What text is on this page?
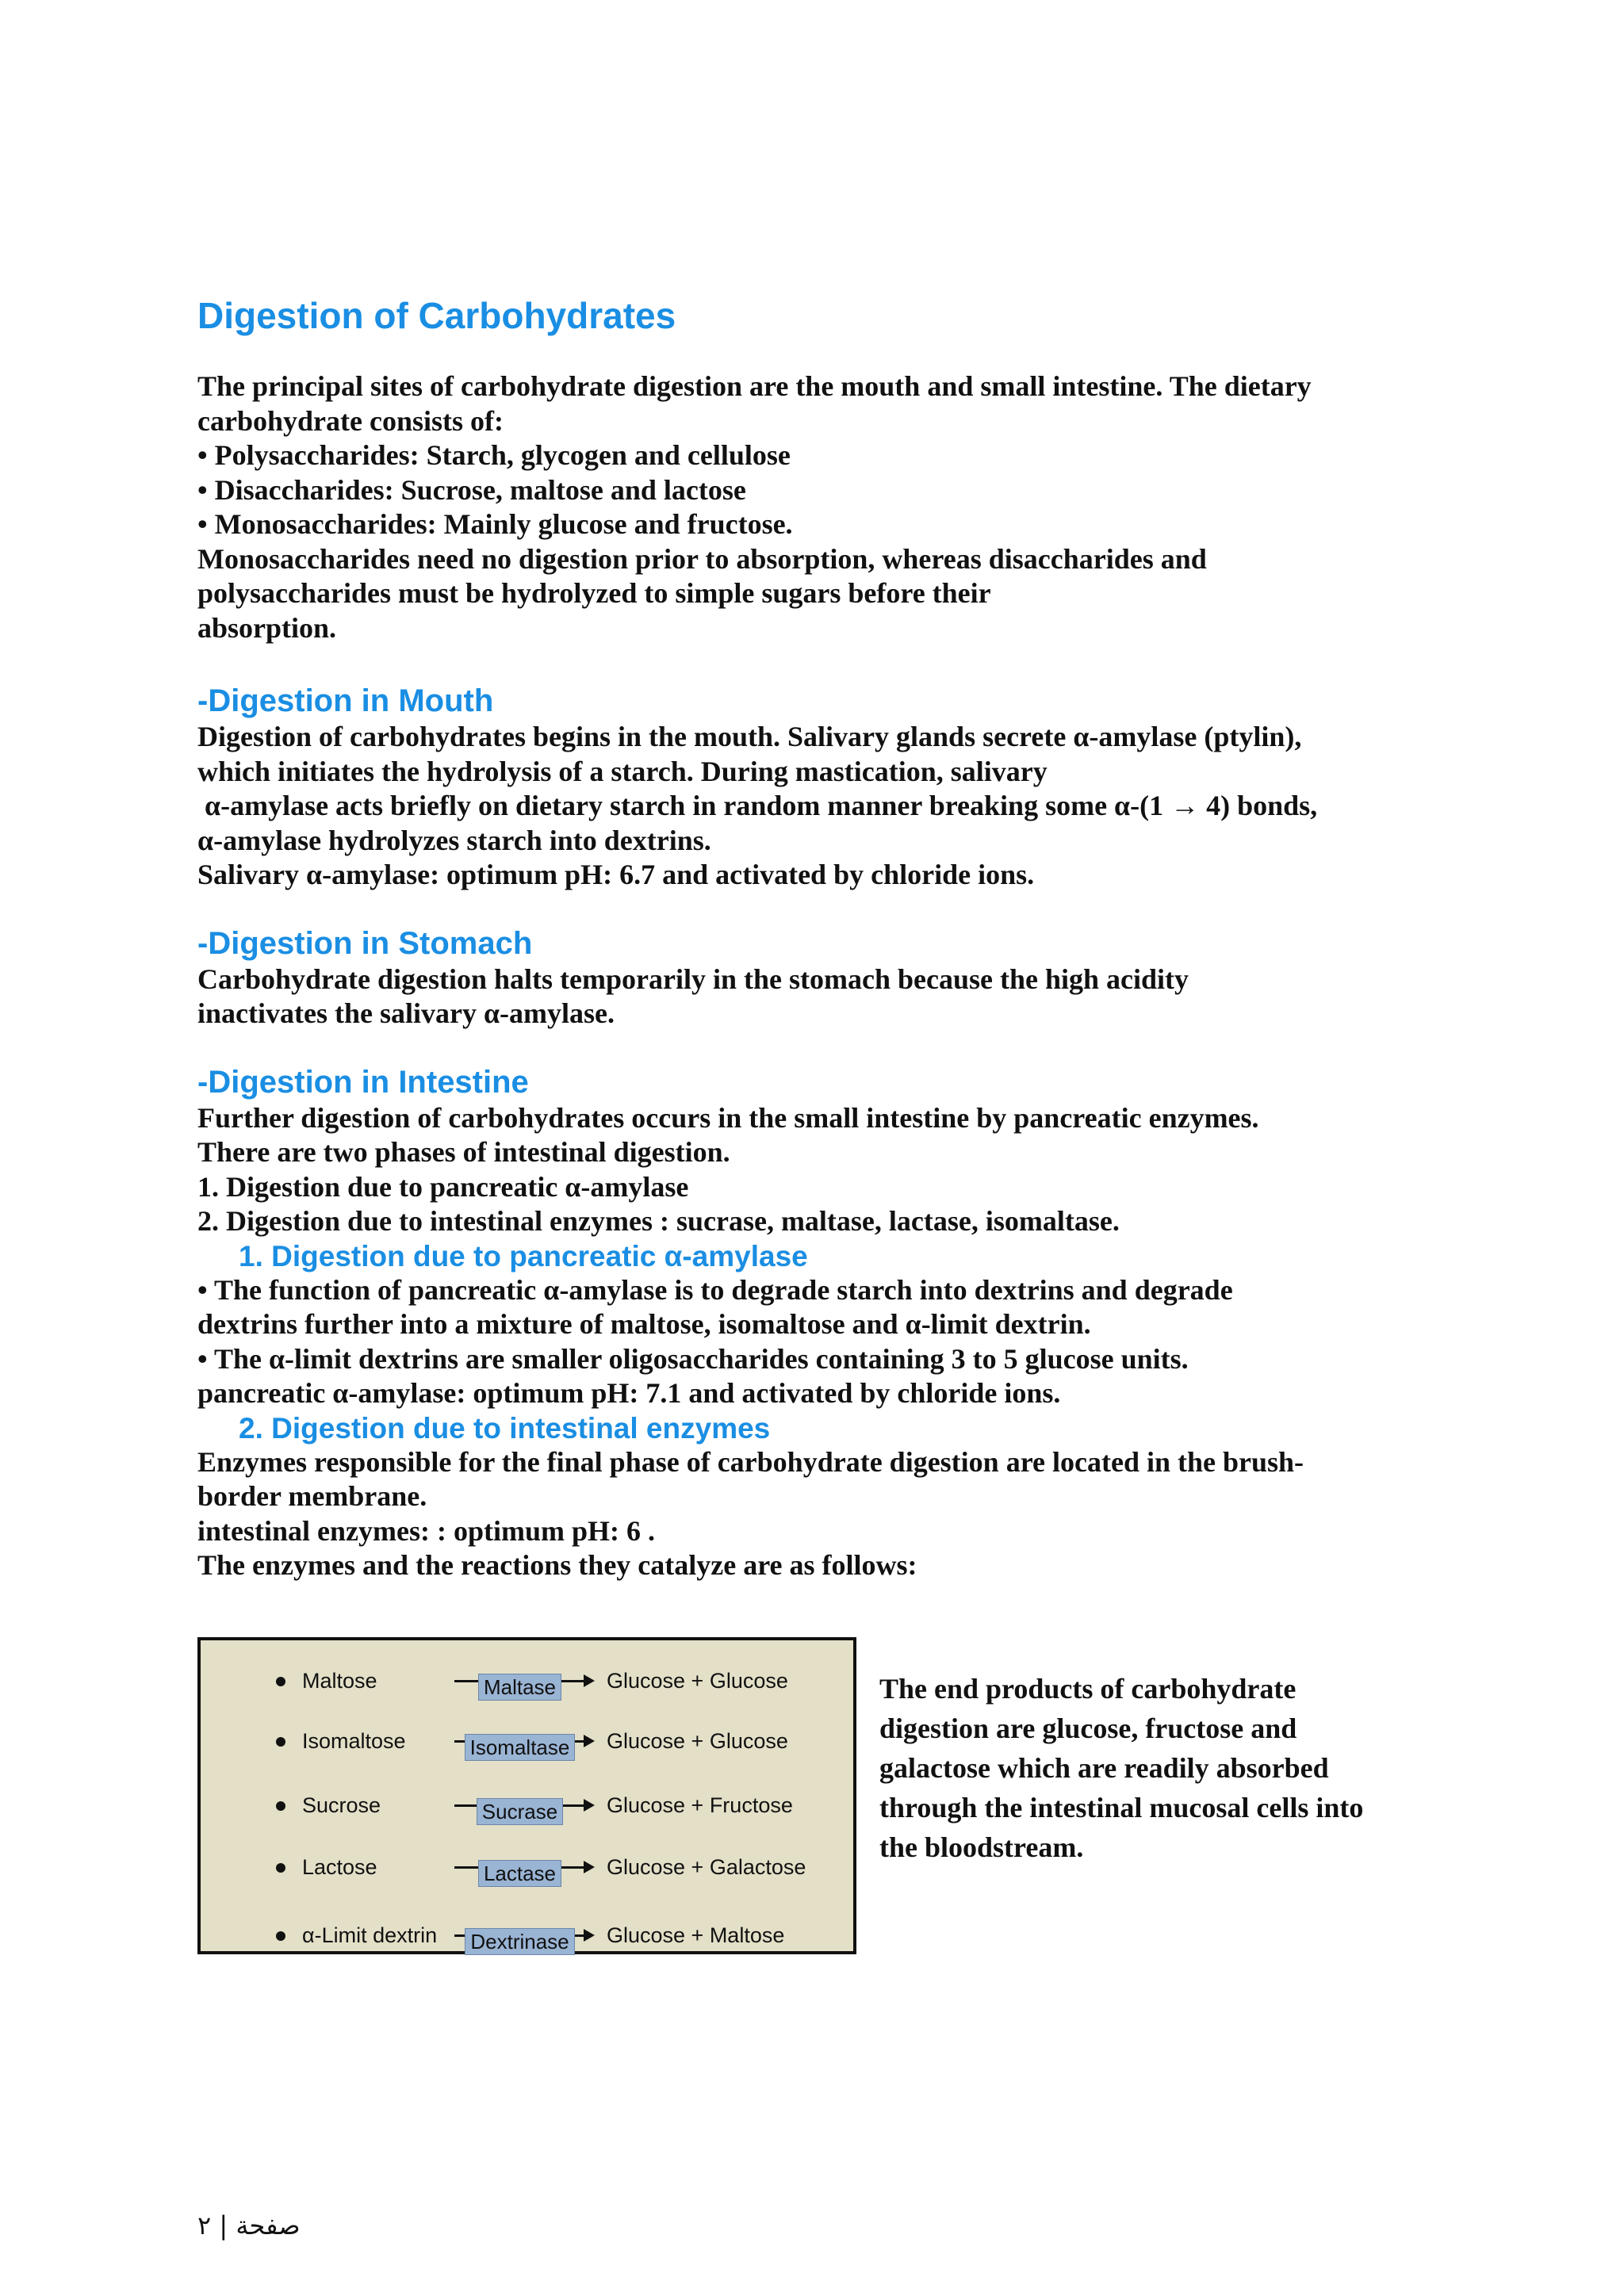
Digestion of Carbohydrates

The principal sites of carbohydrate digestion are the mouth and small intestine. The dietary

carbohydrate consists of:

• Polysaccharides: Starch, glycogen and cellulose

• Disaccharides: Sucrose, maltose and lactose

• Monosaccharides: Mainly glucose and fructose.

Monosaccharides need no digestion prior to absorption, whereas disaccharides and

polysaccharides must be hydrolyzed to simple sugars before their

absorption.

-Digestion in Mouth

Digestion of carbohydrates begins in the mouth. Salivary glands secrete α-amylase (ptylin),

which initiates the hydrolysis of a starch. During mastication, salivary

α-amylase acts briefly on dietary starch in random manner breaking some α-(1 → 4) bonds,

α-amylase hydrolyzes starch into dextrins.

Salivary α-amylase: optimum pH: 6.7 and activated by chloride ions.

-Digestion in Stomach

Carbohydrate digestion halts temporarily in the stomach because the high acidity

inactivates the salivary α-amylase.

-Digestion in Intestine

Further digestion of carbohydrates occurs in the small intestine by pancreatic enzymes.

There are two phases of intestinal digestion.

1. Digestion due to pancreatic α-amylase

2. Digestion due to intestinal enzymes : sucrase, maltase, lactase, isomaltase.

1. Digestion due to pancreatic α-amylase

• The function of pancreatic α-amylase is to degrade starch into dextrins and degrade

dextrins further into a mixture of maltose, isomaltose and α-limit dextrin.

• The α-limit dextrins are smaller oligosaccharides containing 3 to 5 glucose units.

pancreatic α-amylase: optimum pH: 7.1 and activated by chloride ions.

2. Digestion due to intestinal enzymes

Enzymes responsible for the final phase of carbohydrate digestion are located in the brush-

border membrane.

intestinal enzymes: : optimum pH: 6 .

The enzymes and the reactions they catalyze are as follows:

Maltose	Maltase	Glucose + Glucose
Isomaltose	Isomaltase	Glucose + Glucose
Sucrose	Sucrase	Glucose + Fructose
Lactose	Lactase	Glucose + Galactose
α-Limit dextrin	Dextrinase	Glucose + Maltose

The end products of carbohydrate digestion are glucose, fructose and galactose which are readily absorbed through the intestinal mucosal cells into the bloodstream.

صفحة | ٢
